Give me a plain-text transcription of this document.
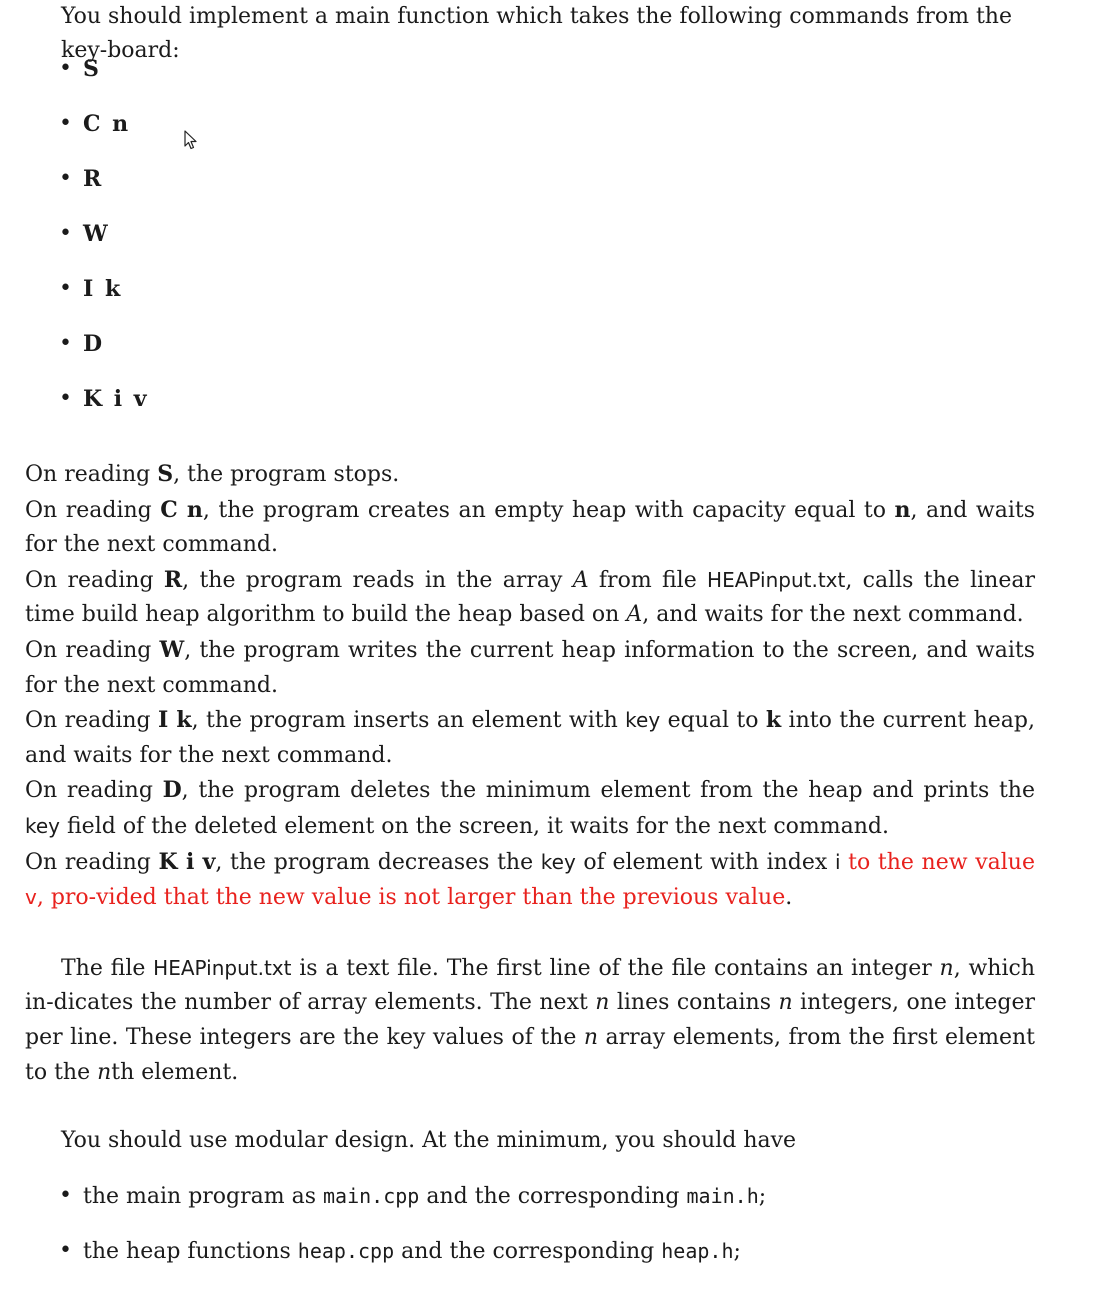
You should implement a main function which takes the following commands from the key-board:

• S
• C n
• R
• W
• I k
• D
• K i v

On reading S, the program stops.

On reading C n, the program creates an empty heap with capacity equal to n, and waits for the next command.

On reading R, the program reads in the array A from file HEAPinput.txt, calls the linear time build heap algorithm to build the heap based on A, and waits for the next command.

On reading W, the program writes the current heap information to the screen, and waits for the next command.

On reading I k, the program inserts an element with key equal to k into the current heap, and waits for the next command.

On reading D, the program deletes the minimum element from the heap and prints the key field of the deleted element on the screen, it waits for the next command.

On reading K i v, the program decreases the key of element with index i to the new value v, pro-vided that the new value is not larger than the previous value.

The file HEAPinput.txt is a text file. The first line of the file contains an integer n, which in-dicates the number of array elements. The next n lines contains n integers, one integer per line. These integers are the key values of the n array elements, from the first element to the nth element.

You should use modular design. At the minimum, you should have

• the main program as main.cpp and the corresponding main.h;
• the heap functions heap.cpp and the corresponding heap.h;
